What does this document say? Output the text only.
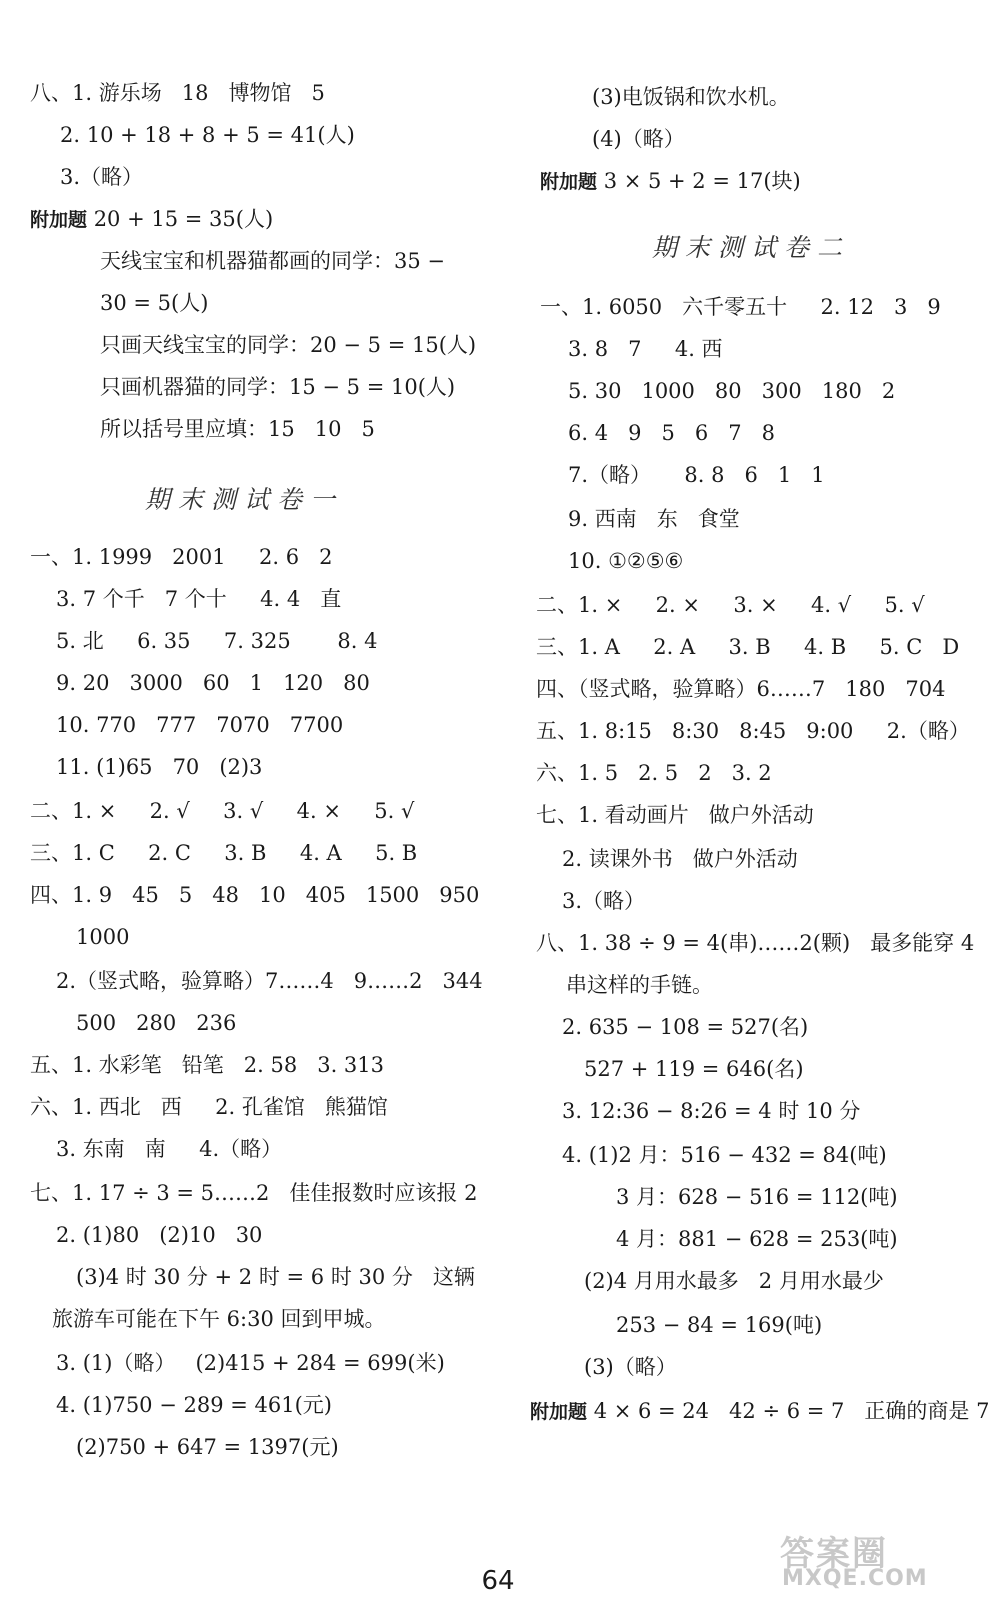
八、1. 游乐场   18   博物馆   5
2. 10 + 18 + 8 + 5 = 41(人)
3.（略）
附加题 20 + 15 = 35(人)
天线宝宝和机器猫都画的同学：35 −
30 = 5(人)
只画天线宝宝的同学：20 − 5 = 15(人)
只画机器猫的同学：15 − 5 = 10(人)
所以括号里应填：15   10   5
期末测试卷一
一、1. 1999   2001     2. 6   2
3. 7 个千   7 个十     4. 4   直
5. 北     6. 35     7. 325       8. 4
9. 20   3000   60   1   120   80
10. 770   777   7070   7700
11. (1)65   70   (2)3
二、1. ×     2. √     3. √     4. ×     5. √
三、1. C     2. C     3. B     4. A     5. B
四、1. 9   45   5   48   10   405   1500   950
1000
2.（竖式略，验算略）7……4   9……2   344
500   280   236
五、1. 水彩笔   铅笔   2. 58   3. 313
六、1. 西北   西     2. 孔雀馆   熊猫馆
3. 东南   南     4.（略）
七、1. 17 ÷ 3 = 5……2   佳佳报数时应该报 2
2. (1)80   (2)10   30
(3)4 时 30 分 + 2 时 = 6 时 30 分   这辆
旅游车可能在下午 6:30 回到甲城。
3. (1)（略）   (2)415 + 284 = 699(米)
4. (1)750 − 289 = 461(元)
(2)750 + 647 = 1397(元)
(3)电饭锅和饮水机。
(4)（略）
附加题 3 × 5 + 2 = 17(块)
期末测试卷二
一、1. 6050   六千零五十     2. 12   3   9
3. 8   7     4. 西
5. 30   1000   80   300   180   2
6. 4   9   5   6   7   8
7.（略）     8. 8   6   1   1
9. 西南   东   食堂
10. ①②⑤⑥
二、1. ×     2. ×     3. ×     4. √     5. √
三、1. A     2. A     3. B     4. B     5. C   D
四、（竖式略，验算略）6……7   180   704
五、1. 8:15   8:30   8:45   9:00     2.（略）
六、1. 5   2. 5   2   3. 2
七、1. 看动画片   做户外活动
2. 读课外书   做户外活动
3.（略）
八、1. 38 ÷ 9 = 4(串)……2(颗)   最多能穿 4
串这样的手链。
2. 635 − 108 = 527(名)
527 + 119 = 646(名)
3. 12:36 − 8:26 = 4 时 10 分
4. (1)2 月：516 − 432 = 84(吨)
3 月：628 − 516 = 112(吨)
4 月：881 − 628 = 253(吨)
(2)4 月用水最多   2 月用水最少
253 − 84 = 169(吨)
(3)（略）
附加题 4 × 6 = 24   42 ÷ 6 = 7   正确的商是 7
64
答案圈
MXQE.COM
